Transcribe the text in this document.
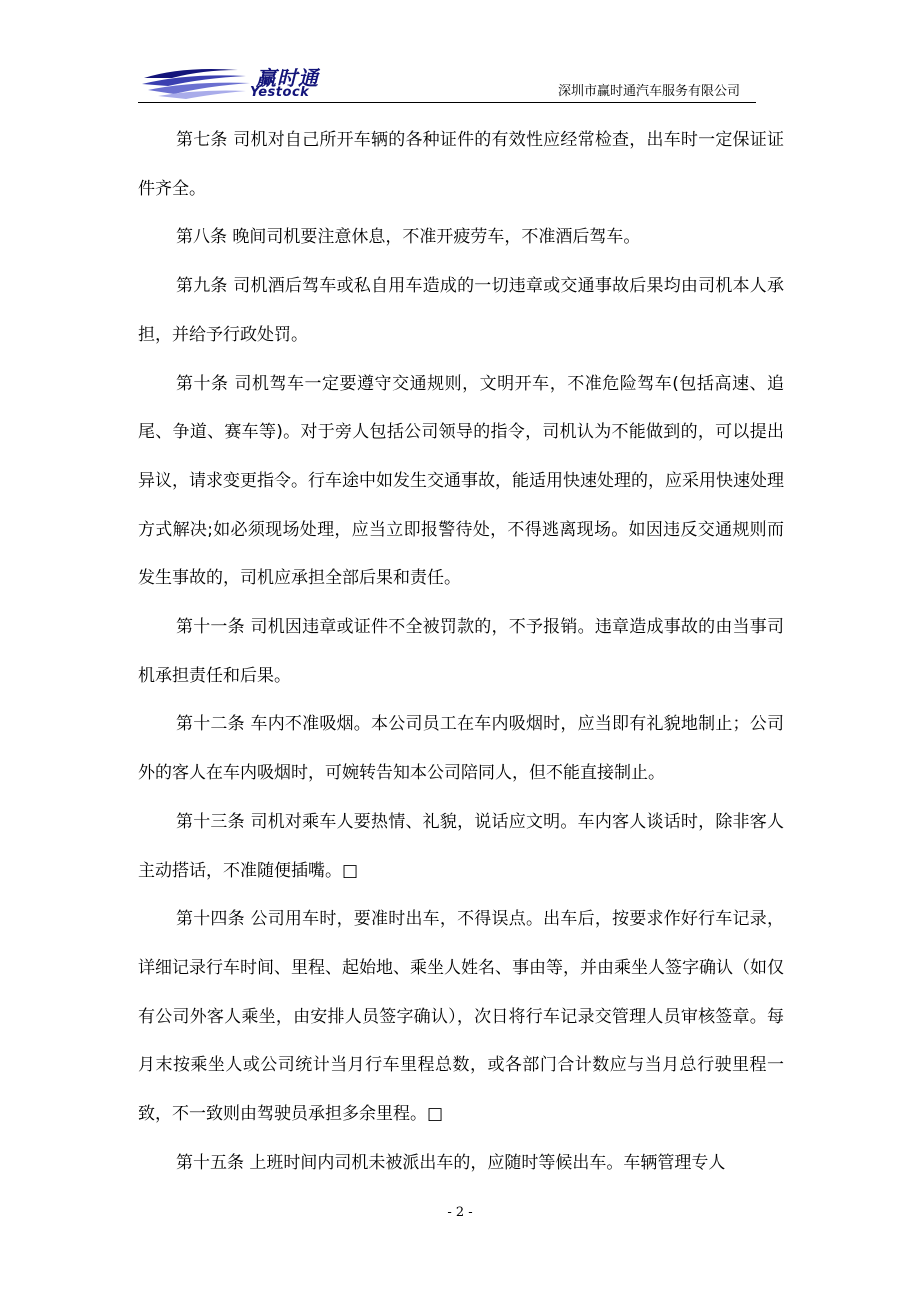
赢时通
Yestock	深圳市赢时通汽车服务有限公司

第七条 司机对自己所开车辆的各种证件的有效性应经常检查，出车时一定保证证件齐全。

第八条 晚间司机要注意休息，不准开疲劳车，不准酒后驾车。

第九条 司机酒后驾车或私自用车造成的一切违章或交通事故后果均由司机本人承担，并给予行政处罚。

第十条 司机驾车一定要遵守交通规则，文明开车，不准危险驾车(包括高速、追尾、争道、赛车等)。对于旁人包括公司领导的指令，司机认为不能做到的，可以提出异议，请求变更指令。行车途中如发生交通事故，能适用快速处理的，应采用快速处理方式解决;如必须现场处理，应当立即报警待处，不得逃离现场。如因违反交通规则而发生事故的，司机应承担全部后果和责任。

第十一条 司机因违章或证件不全被罚款的，不予报销。违章造成事故的由当事司机承担责任和后果。

第十二条 车内不准吸烟。本公司员工在车内吸烟时，应当即有礼貌地制止；公司外的客人在车内吸烟时，可婉转告知本公司陪同人，但不能直接制止。

第十三条 司机对乘车人要热情、礼貌，说话应文明。车内客人谈话时，除非客人主动搭话，不准随便插嘴。□

第十四条 公司用车时，要准时出车，不得误点。出车后，按要求作好行车记录，详细记录行车时间、里程、起始地、乘坐人姓名、事由等，并由乘坐人签字确认（如仅有公司外客人乘坐，由安排人员签字确认），次日将行车记录交管理人员审核签章。每月末按乘坐人或公司统计当月行车里程总数，或各部门合计数应与当月总行驶里程一致，不一致则由驾驶员承担多余里程。□

第十五条 上班时间内司机未被派出车的，应随时等候出车。车辆管理专人

- 2 -
